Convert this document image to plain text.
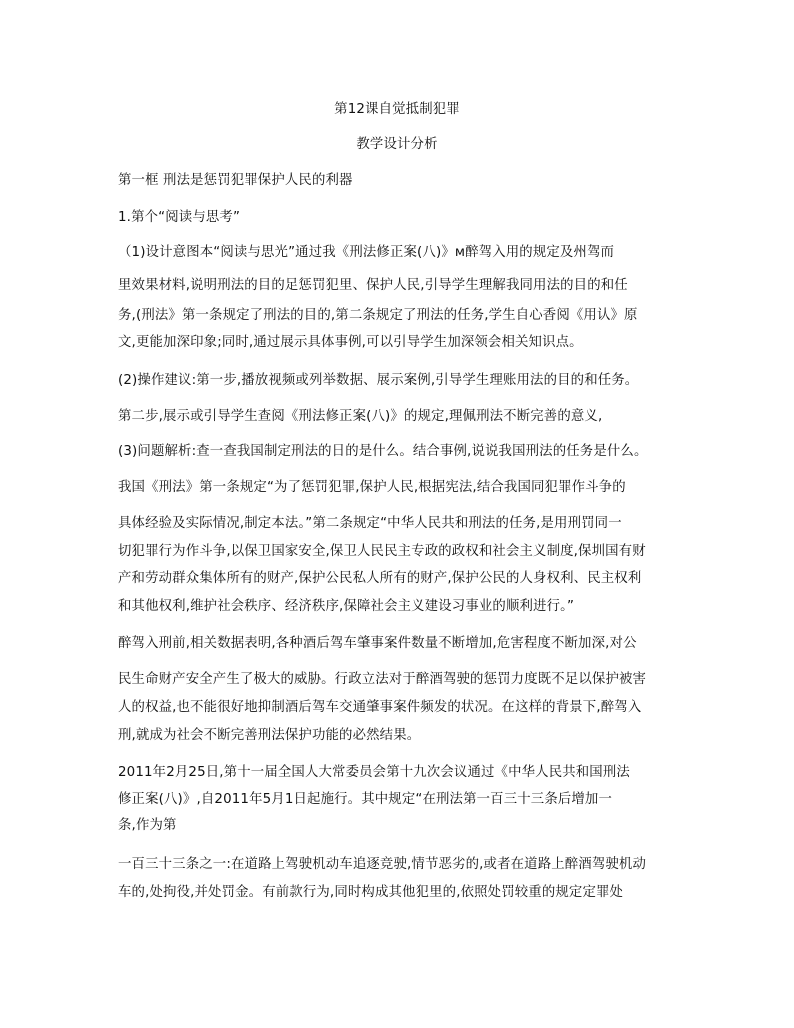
第12课自觉抵制犯罪
教学设计分析
第一框 刑法是惩罚犯罪保护人民的利器
1.第个“阅读与思考”
（1)设计意图本“阅读与思光”通过我《刑法修正案(八)》м醉驾入用的规定及州驾而
里效果材料,说明刑法的目的足惩罚犯里、保护人民,引导学生理解我同用法的目的和任
务,(刑法》第一条规定了刑法的目的,第二条规定了刑法的任务,学生自心香阅《用认》原
文,更能加深印象;同时,通过展示具体事例,可以引导学生加深领会相关知识点。
(2)操作建议:第一步,播放视频或列举数据、展示案例,引导学生理账用法的目的和任务。
第二步,展示或引导学生查阅《刑法修正案(八)》的规定,理佩刑法不断完善的意义,
(3)问题解析:查一查我国制定刑法的日的是什么。结合事例,说说我国刑法的任务是什么。
我国《刑法》第一条规定“为了惩罚犯罪,保护人民,根据宪法,结合我国同犯罪作斗争的
具体经验及实际情况,制定本法。”第二条规定“中华人民共和刑法的任务,是用刑罚同一
切犯罪行为作斗争,以保卫国家安全,保卫人民民主专政的政权和社会主义制度,保圳国有财
产和劳动群众集体所有的财产,保护公民私人所有的财产,保护公民的人身权利、民主权利
和其他权利,维护社会秩序、经济秩序,保障社会主义建设习事业的顺利进行。”
醉驾入刑前,相关数据表明,各种酒后驾车肇事案件数量不断增加,危害程度不断加深,对公
民生命财产安全产生了极大的威胁。行政立法对于醉酒驾驶的惩罚力度既不足以保护被害
人的权益,也不能很好地抑制酒后驾车交通肇事案件频发的状况。在这样的背景下,醉驾入
刑,就成为社会不断完善刑法保护功能的必然结果。
2011年2月25日,第十一届全国人大常委员会第十九次会议通过《中华人民共和国刑法
修正案(八)》,自2011年5月1日起施行。其中规定“在刑法第一百三十三条后增加一
条,作为第
一百三十三条之一:在道路上驾驶机动车追逐竞驶,情节恶劣的,或者在道路上醉酒驾驶机动
车的,处拘役,并处罚金。有前款行为,同时构成其他犯里的,依照处罚较重的规定定罪处
